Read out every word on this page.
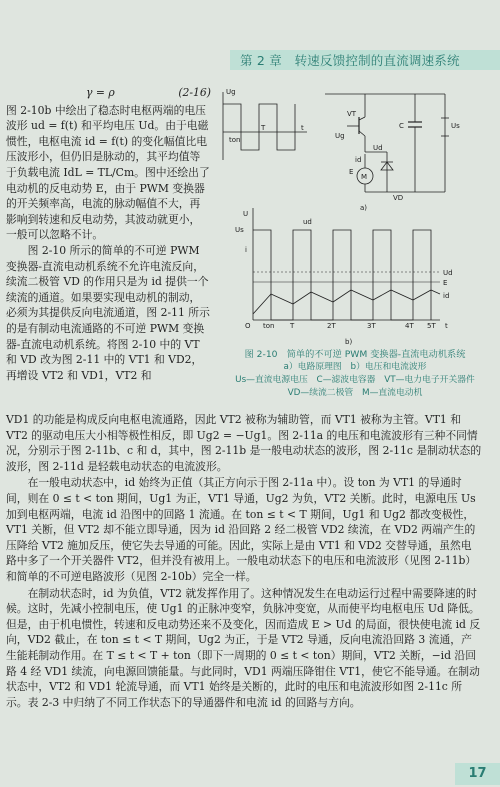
第 2 章　 转速反馈控制的直流调速系统
γ = ρ	(2-16)

图 2-10b 中绘出了稳态时电枢两端的电压波形 ud = f(t) 和平均电压 Ud。由于电磁惯性，电枢电流 id = f(t) 的变化幅值比电压波形小，但仍旧是脉动的，其平均值等于负载电流 IdL = TL/Cm。图中还绘出了电动机的反电动势 E，由于 PWM 变换器的开关频率高，电流的脉动幅值不大，再影响到转速和反电动势，其波动就更小，一般可以忽略不计。

图 2-10 所示的简单的不可逆 PWM 变换器-直流电动机系统不允许电流反向，续流二极管 VD 的作用只是为 id 提供一个续流的通道。如果要实现电动机的制动，必须为其提供反向电流通道，图 2-11 所示的是有制动电流通路的不可逆 PWM 变换器-直流电动机系统。将图 2-10 中的 VT 和 VD 改为图 2-11 中的 VT1 和 VD2，再增设 VT2 和 VD1，VT2 和

Ug
ton
T	t
VT
Ug
C	Us
Ud
id
M
E
VD
a)
U
i
Us
ud
Ud
E
id
O ton T	2T	3T	4T 5T t
b)
图 2-10　简单的不可逆 PWM 变换器-直流电动机系统
a）电路原理图　b）电压和电流波形
Us—直流电源电压　C—滤波电容器　VT—电力电子开关器件
VD—续流二极管　M—直流电动机

VD1 的功能是构成反向电枢电流通路，因此 VT2 被称为辅助管，而 VT1 被称为主管。VT1 和 VT2 的驱动电压大小相等极性相反，即 Ug2 = −Ug1。图 2-11a 的电压和电流波形有三种不同情况，分别示于图 2-11b、c 和 d，其中，图 2-11b 是一般电动状态的波形，图 2-11c 是制动状态的波形，图 2-11d 是轻载电动状态的电流波形。

在一般电动状态中，id 始终为正值（其正方向示于图 2-11a 中）。设 ton 为 VT1 的导通时间，则在 0 ≤ t < ton 期间，Ug1 为正，VT1 导通，Ug2 为负，VT2 关断。此时，电源电压 Us 加到电枢两端，电流 id 沿图中的回路 1 流通。在 ton ≤ t < T 期间，Ug1 和 Ug2 都改变极性，VT1 关断，但 VT2 却不能立即导通，因为 id 沿回路 2 经二极管 VD2 续流，在 VD2 两端产生的压降给 VT2 施加反压，使它失去导通的可能。因此，实际上是由 VT1 和 VD2 交替导通，虽然电路中多了一个开关器件 VT2，但并没有被用上。一般电动状态下的电压和电流波形（见图 2-11b）和简单的不可逆电路波形（见图 2-10b）完全一样。

在制动状态时，id 为负值，VT2 就发挥作用了。这种情况发生在电动运行过程中需要降速的时候。这时，先减小控制电压，使 Ug1 的正脉冲变窄，负脉冲变宽，从而使平均电枢电压 Ud 降低。但是，由于机电惯性，转速和反电动势还来不及变化，因而造成 E > Ud 的局面，很快使电流 id 反向，VD2 截止，在 ton ≤ t < T 期间，Ug2 为正，于是 VT2 导通，反向电流沿回路 3 流通，产生能耗制动作用。在 T ≤ t < T + ton（即下一周期的 0 ≤ t < ton）期间，VT2 关断，−id 沿回路 4 经 VD1 续流，向电源回馈能量。与此同时，VD1 两端压降钳住 VT1，使它不能导通。在制动状态中，VT2 和 VD1 轮流导通，而 VT1 始终是关断的，此时的电压和电流波形如图 2-11c 所示。表 2-3 中归纳了不同工作状态下的导通器件和电流 id 的回路与方向。

17
